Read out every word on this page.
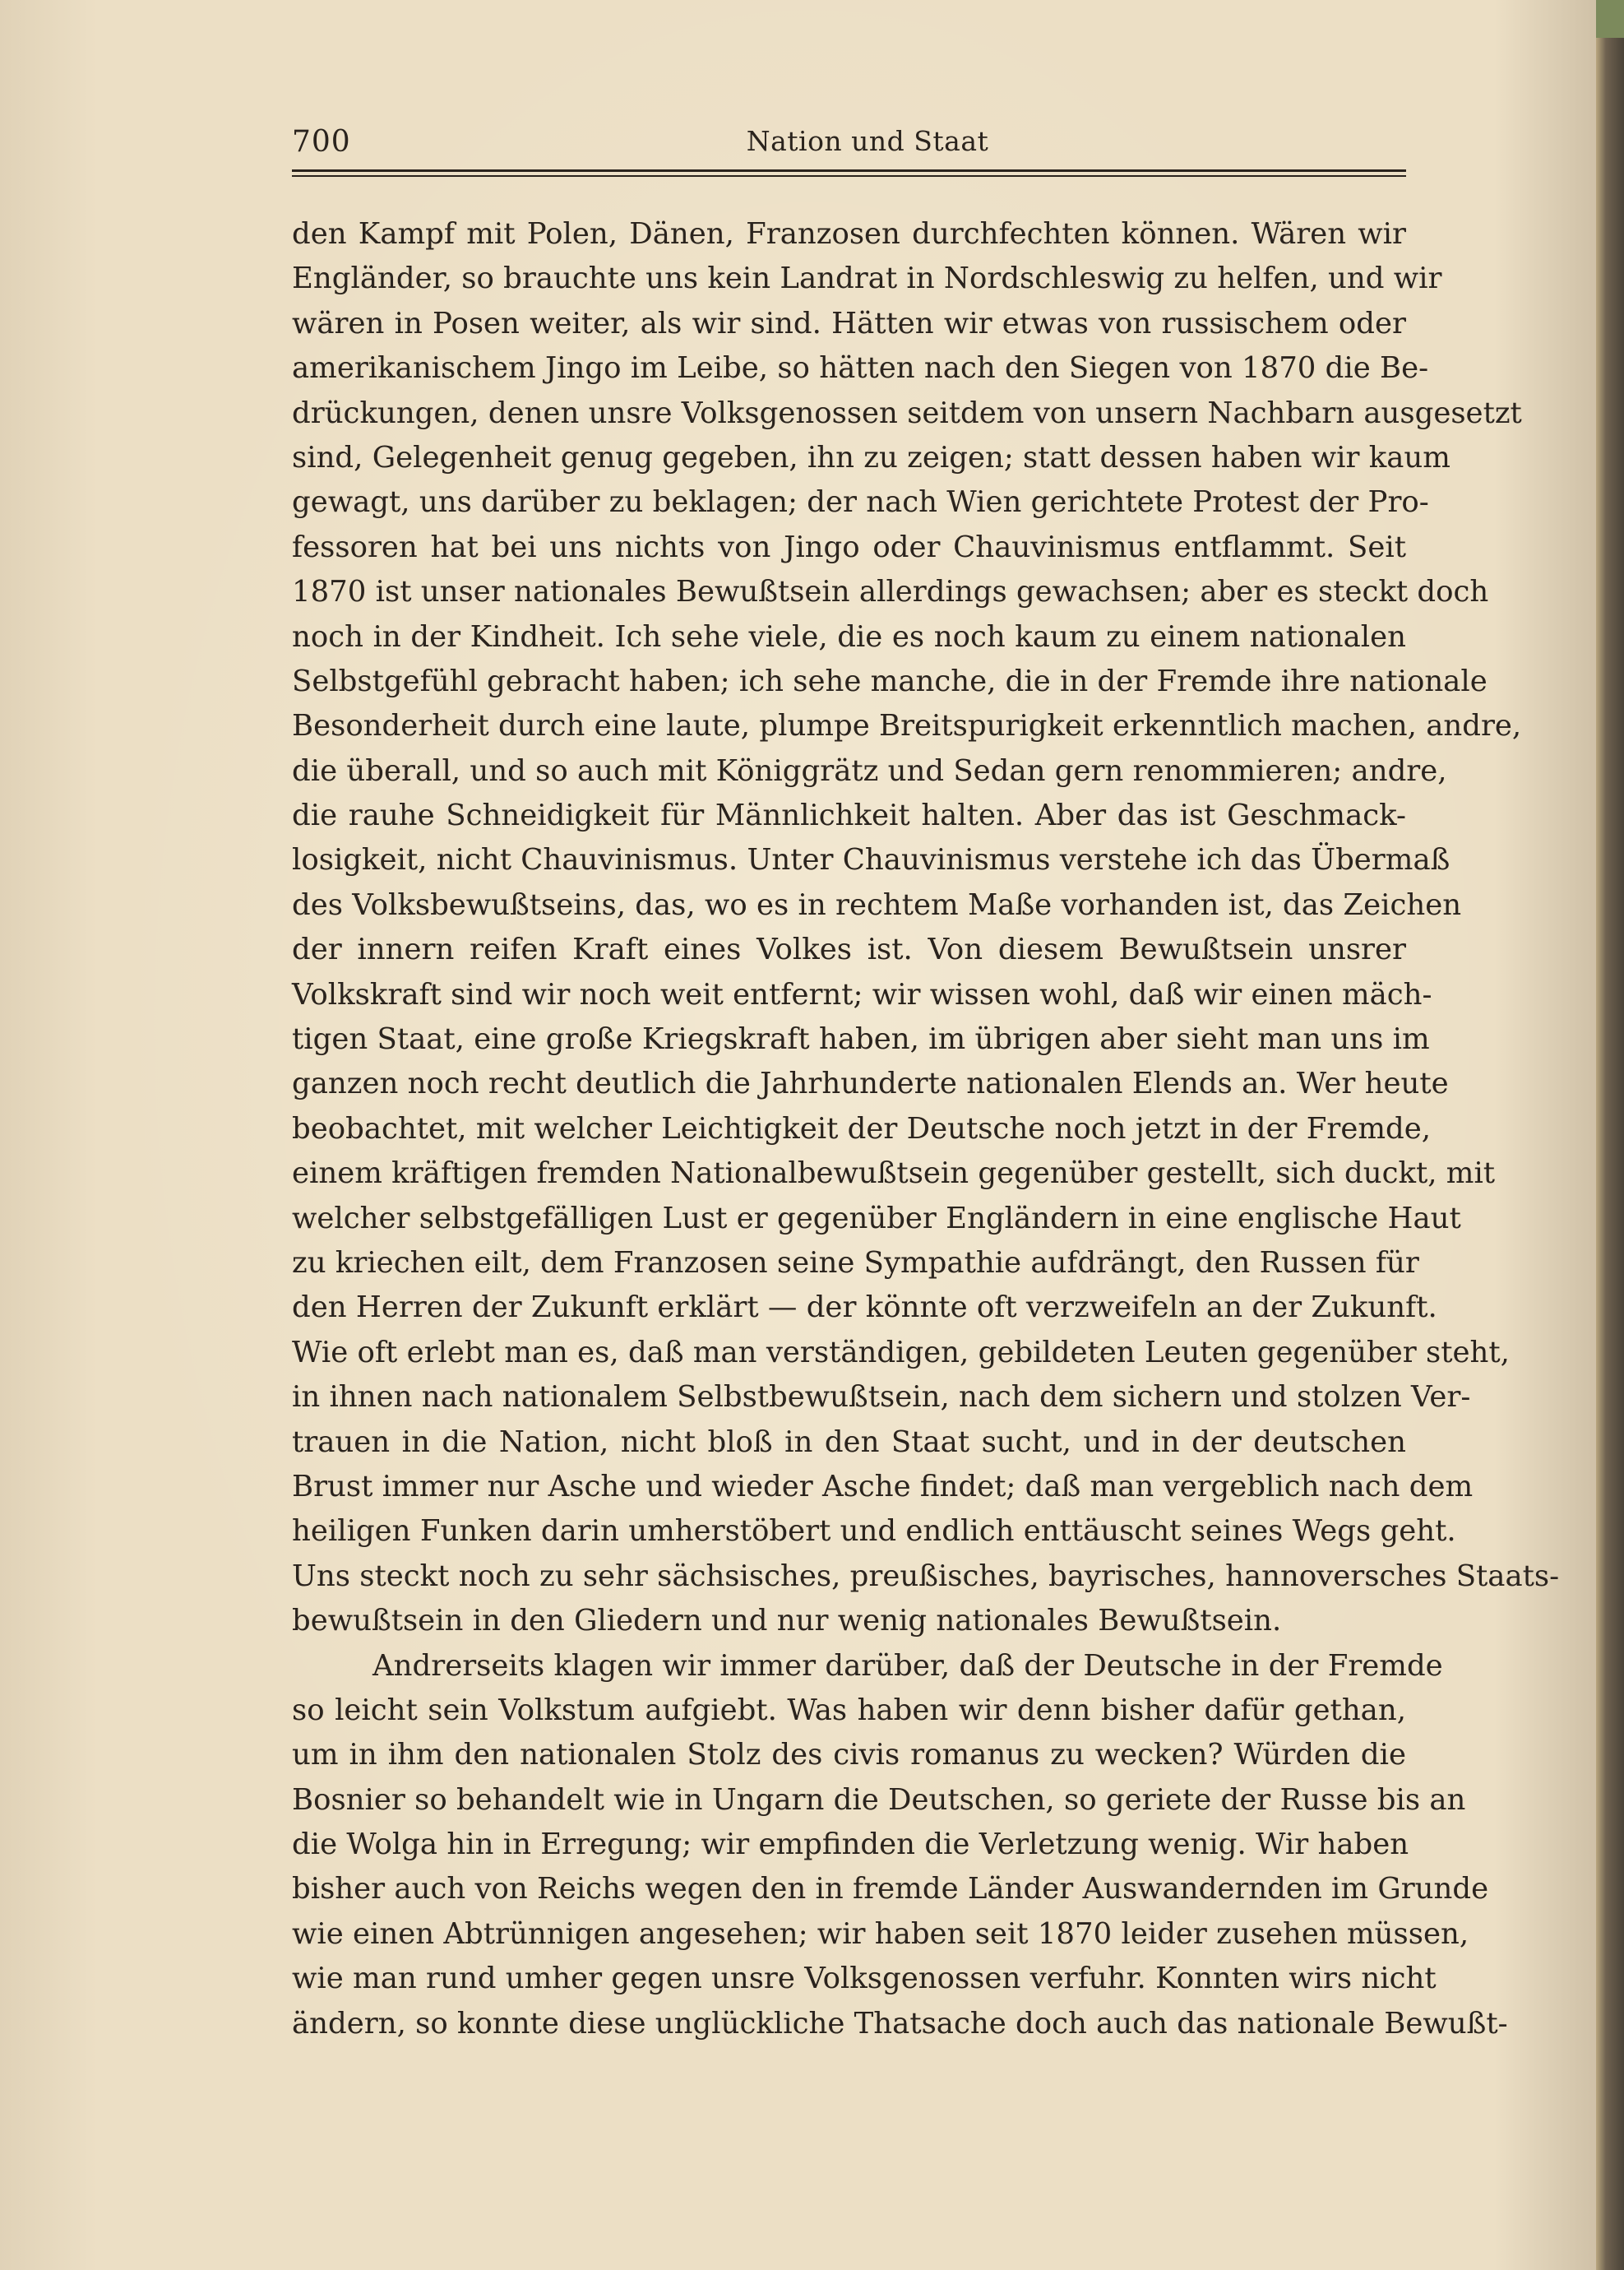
700	Nation und Staat
den Kampf mit Polen, Dänen, Franzosen durchfechten können. Wären wir
Engländer, so brauchte uns kein Landrat in Nordschleswig zu helfen, und wir
wären in Posen weiter, als wir sind. Hätten wir etwas von russischem oder
amerikanischem Jingo im Leibe, so hätten nach den Siegen von 1870 die Be-
drückungen, denen unsre Volksgenossen seitdem von unsern Nachbarn ausgesetzt
sind, Gelegenheit genug gegeben, ihn zu zeigen; statt dessen haben wir kaum
gewagt, uns darüber zu beklagen; der nach Wien gerichtete Protest der Pro-
fessoren hat bei uns nichts von Jingo oder Chauvinismus entflammt. Seit
1870 ist unser nationales Bewußtsein allerdings gewachsen; aber es steckt doch
noch in der Kindheit. Ich sehe viele, die es noch kaum zu einem nationalen
Selbstgefühl gebracht haben; ich sehe manche, die in der Fremde ihre nationale
Besonderheit durch eine laute, plumpe Breitspurigkeit erkenntlich machen, andre,
die überall, und so auch mit Königgrätz und Sedan gern renommieren; andre,
die rauhe Schneidigkeit für Männlichkeit halten. Aber das ist Geschmack-
losigkeit, nicht Chauvinismus. Unter Chauvinismus verstehe ich das Übermaß
des Volksbewußtseins, das, wo es in rechtem Maße vorhanden ist, das Zeichen
der innern reifen Kraft eines Volkes ist. Von diesem Bewußtsein unsrer
Volkskraft sind wir noch weit entfernt; wir wissen wohl, daß wir einen mäch-
tigen Staat, eine große Kriegskraft haben, im übrigen aber sieht man uns im
ganzen noch recht deutlich die Jahrhunderte nationalen Elends an. Wer heute
beobachtet, mit welcher Leichtigkeit der Deutsche noch jetzt in der Fremde,
einem kräftigen fremden Nationalbewußtsein gegenüber gestellt, sich duckt, mit
welcher selbstgefälligen Lust er gegenüber Engländern in eine englische Haut
zu kriechen eilt, dem Franzosen seine Sympathie aufdrängt, den Russen für
den Herren der Zukunft erklärt — der könnte oft verzweifeln an der Zukunft.
Wie oft erlebt man es, daß man verständigen, gebildeten Leuten gegenüber steht,
in ihnen nach nationalem Selbstbewußtsein, nach dem sichern und stolzen Ver-
trauen in die Nation, nicht bloß in den Staat sucht, und in der deutschen
Brust immer nur Asche und wieder Asche findet; daß man vergeblich nach dem
heiligen Funken darin umherstöbert und endlich enttäuscht seines Wegs geht.
Uns steckt noch zu sehr sächsisches, preußisches, bayrisches, hannoversches Staats-
bewußtsein in den Gliedern und nur wenig nationales Bewußtsein.
Andrerseits klagen wir immer darüber, daß der Deutsche in der Fremde
so leicht sein Volkstum aufgiebt. Was haben wir denn bisher dafür gethan,
um in ihm den nationalen Stolz des civis romanus zu wecken? Würden die
Bosnier so behandelt wie in Ungarn die Deutschen, so geriete der Russe bis an
die Wolga hin in Erregung; wir empfinden die Verletzung wenig. Wir haben
bisher auch von Reichs wegen den in fremde Länder Auswandernden im Grunde
wie einen Abtrünnigen angesehen; wir haben seit 1870 leider zusehen müssen,
wie man rund umher gegen unsre Volksgenossen verfuhr. Konnten wirs nicht
ändern, so konnte diese unglückliche Thatsache doch auch das nationale Bewußt-
